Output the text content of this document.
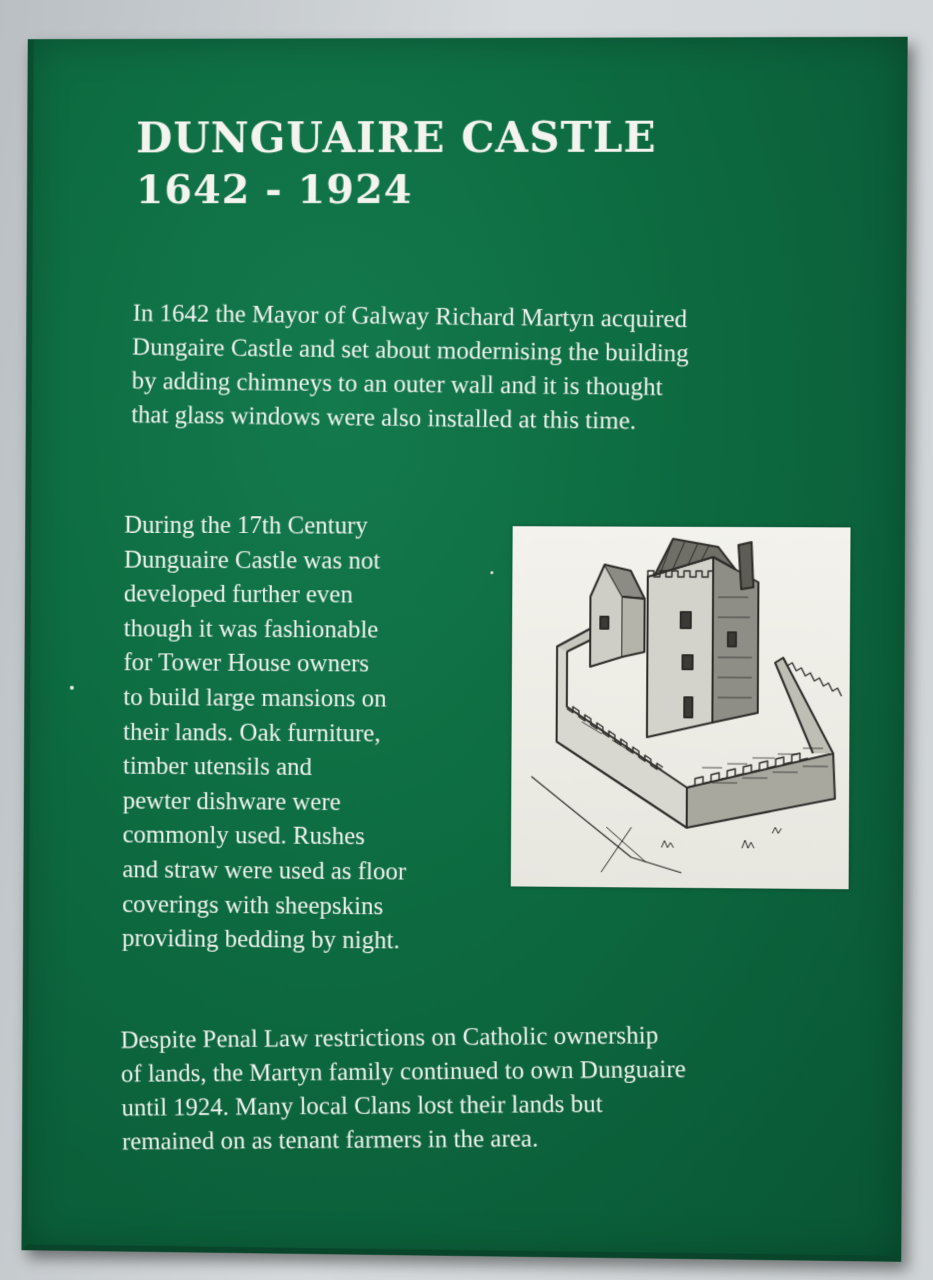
DUNGUAIRE CASTLE
1642 - 1924

In 1642 the Mayor of Galway Richard Martyn acquired
Dungaire Castle and set about modernising the building
by adding chimneys to an outer wall and it is thought
that glass windows were also installed at this time.

During the 17th Century
Dunguaire Castle was not
developed further even
though it was fashionable
for Tower House owners
to build large mansions on
their lands. Oak furniture,
timber utensils and
pewter dishware were
commonly used. Rushes
and straw were used as floor
coverings with sheepskins
providing bedding by night.

Despite Penal Law restrictions on Catholic ownership
of lands, the Martyn family continued to own Dunguaire
until 1924. Many local Clans lost their lands but
remained on as tenant farmers in the area.
